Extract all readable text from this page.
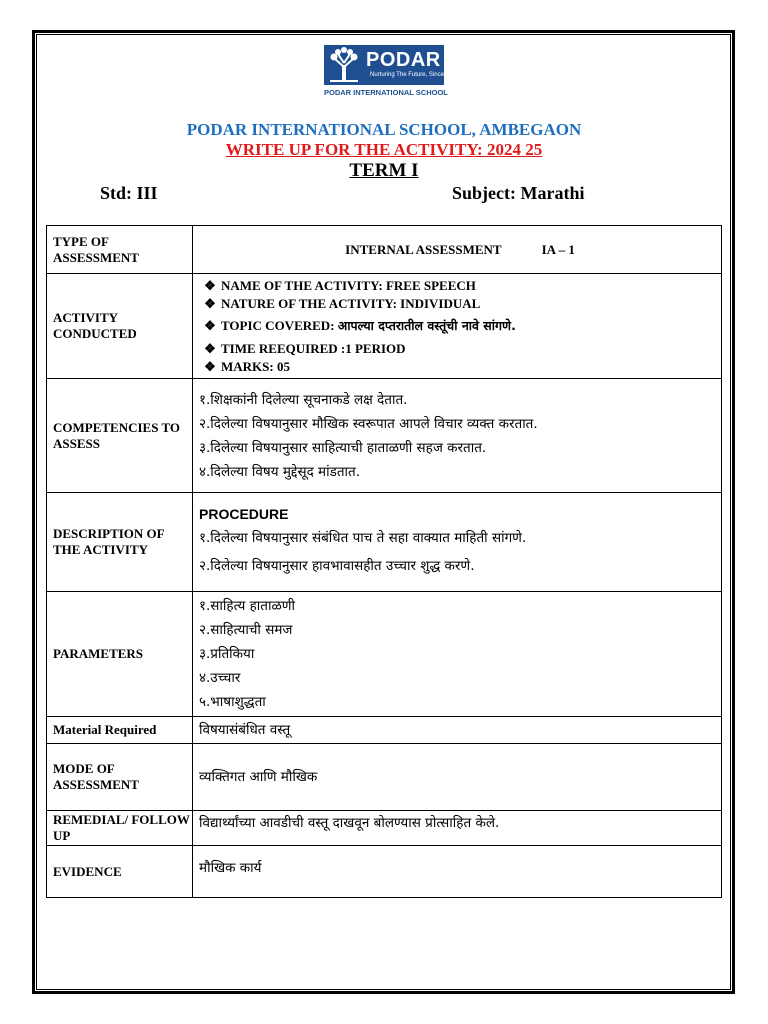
PODAR
Nurturing The Future, Since 1927.
PODAR INTERNATIONAL SCHOOL
PODAR INTERNATIONAL SCHOOL, AMBEGAON
WRITE UP FOR THE ACTIVITY: 2024 25
TERM I
Std: III	Subject: Marathi
TYPE OF ASSESSMENT	INTERNAL ASSESSMENT IA – 1
ACTIVITY CONDUCTED	❖ NAME OF THE ACTIVITY: FREE SPEECH
❖ NATURE OF THE ACTIVITY: INDIVIDUAL
❖ TOPIC COVERED: आपल्या दप्तरातील वस्तूंची नावे सांगणे.
❖ TIME REEQUIRED :1 PERIOD
❖ MARKS: 05

COMPETENCIES TO ASSESS	१.शिक्षकांनी दिलेल्या सूचनाकडे लक्ष देतात.
२.दिलेल्या विषयानुसार मौखिक स्वरूपात आपले विचार व्यक्त करतात.
३.दिलेल्या विषयानुसार साहित्याची हाताळणी सहज करतात.
४.दिलेल्या विषय मुद्देसूद मांडतात.

DESCRIPTION OF THE ACTIVITY	PROCEDURE
१.दिलेल्या विषयानुसार संबंधित पाच ते सहा वाक्यात माहिती सांगणे.
२.दिलेल्या विषयानुसार हावभावासहीत उच्चार शुद्ध करणे.

PARAMETERS	१.साहित्य हाताळणी
२.साहित्याची समज
३.प्रतिकिया
४.उच्चार
५.भाषाशुद्धता

Material Required	विषयासंबंधित वस्तू
MODE OF ASSESSMENT	व्यक्तिगत आणि मौखिक
REMEDIAL/ FOLLOW UP	विद्यार्थ्यांच्या आवडीची वस्तू दाखवून बोलण्यास प्रोत्साहित केले.
EVIDENCE	मौखिक कार्य
